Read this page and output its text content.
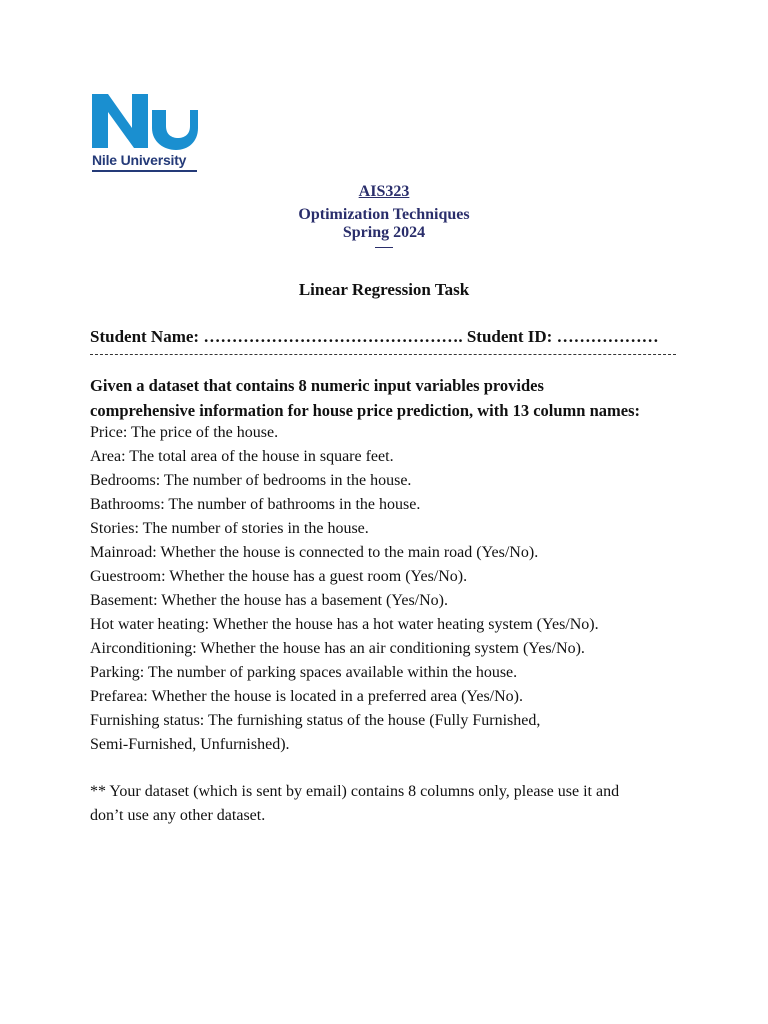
Nile University
AIS323
Optimization Techniques
Spring 2024
Linear Regression Task
Student Name: ………………………………………. Student ID: ………………
Given a dataset that contains 8 numeric input variables provides
comprehensive information for house price prediction, with 13 column names:
Price: The price of the house.
Area: The total area of the house in square feet.
Bedrooms: The number of bedrooms in the house.
Bathrooms: The number of bathrooms in the house.
Stories: The number of stories in the house.
Mainroad: Whether the house is connected to the main road (Yes/No).
Guestroom: Whether the house has a guest room (Yes/No).
Basement: Whether the house has a basement (Yes/No).
Hot water heating: Whether the house has a hot water heating system (Yes/No).
Airconditioning: Whether the house has an air conditioning system (Yes/No).
Parking: The number of parking spaces available within the house.
Prefarea: Whether the house is located in a preferred area (Yes/No).
Furnishing status: The furnishing status of the house (Fully Furnished,
Semi-Furnished, Unfurnished).
** Your dataset (which is sent by email) contains 8 columns only, please use it and
don’t use any other dataset.
